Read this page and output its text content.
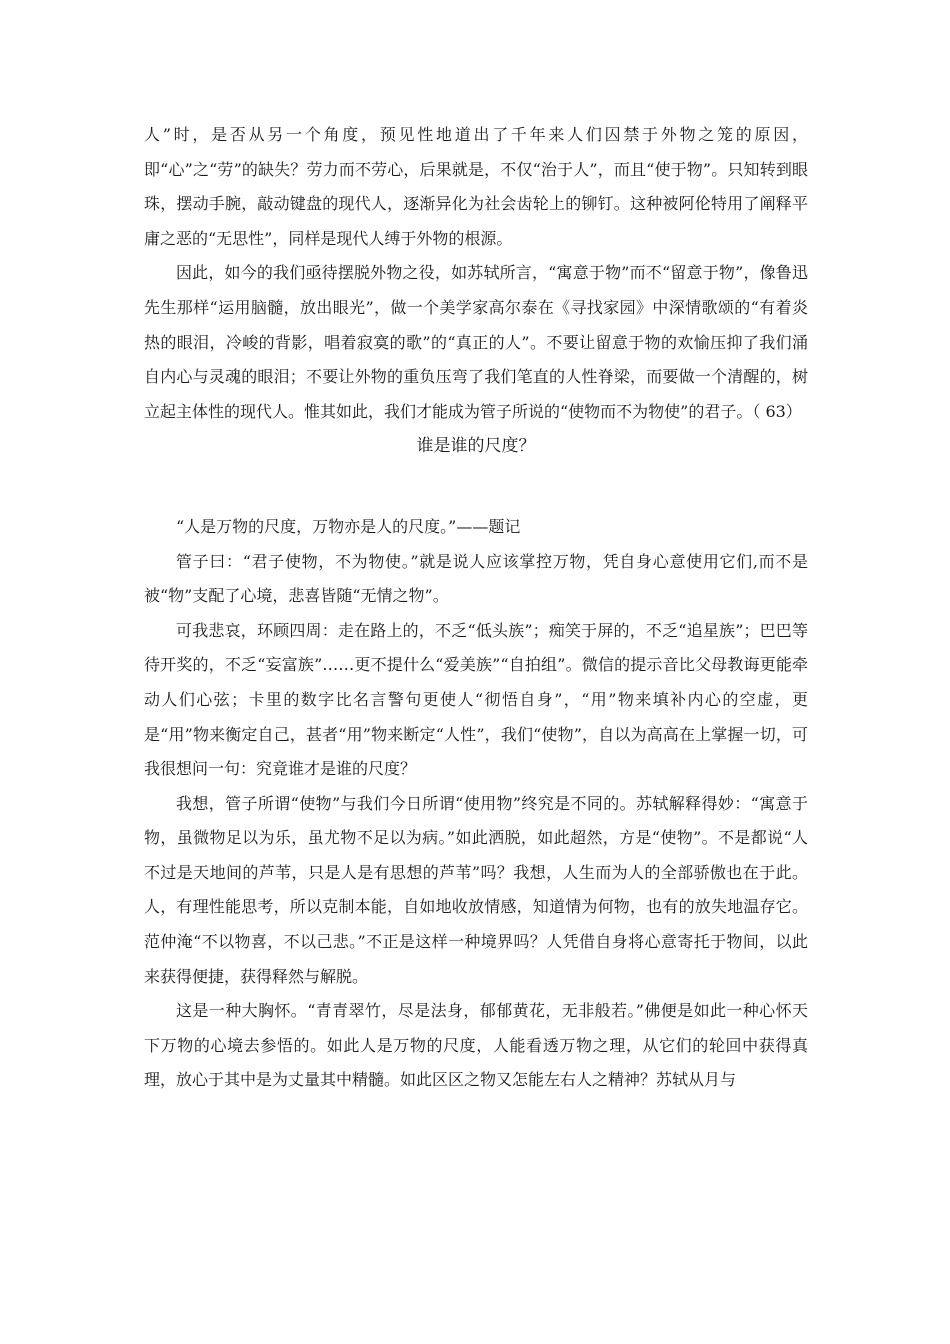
人”时，是否从另一个角度，预见性地道出了千年来人们囚禁于外物之笼的原因，即“心”之“劳”的缺失？劳力而不劳心，后果就是，不仅“治于人”，而且“使于物”。只知转到眼珠，摆动手腕，敲动键盘的现代人，逐渐异化为社会齿轮上的铆钉。这种被阿伦特用了阐释平庸之恶的“无思性”，同样是现代人缚于外物的根源。

因此，如今的我们亟待摆脱外物之役，如苏轼所言，“寓意于物”而不“留意于物”，像鲁迅先生那样“运用脑髓，放出眼光”，做一个美学家高尔泰在《寻找家园》中深情歌颂的“有着炎热的眼泪，冷峻的背影，唱着寂寞的歌”的“真正的人”。不要让留意于物的欢愉压抑了我们涌自内心与灵魂的眼泪；不要让外物的重负压弯了我们笔直的人性脊梁，而要做一个清醒的，树立起主体性的现代人。惟其如此，我们才能成为管子所说的“使物而不为物使”的君子。（ 63）

谁是谁的尺度？

“人是万物的尺度，万物亦是人的尺度。”——题记

管子曰：“君子使物，不为物使。”就是说人应该掌控万物，凭自身心意使用它们,而不是被“物”支配了心境，悲喜皆随“无情之物”。

可我悲哀，环顾四周：走在路上的，不乏“低头族”；痴笑于屏的，不乏“追星族”；巴巴等待开奖的，不乏“妄富族”……更不提什么“爱美族”“自拍组”。微信的提示音比父母教诲更能牵动人们心弦；卡里的数字比名言警句更使人“彻悟自身”，“用”物来填补内心的空虚，更是“用”物来衡定自己，甚者“用”物来断定“人性”，我们“使物”，自以为高高在上掌握一切，可我很想问一句：究竟谁才是谁的尺度？

我想，管子所谓“使物”与我们今日所谓“使用物”终究是不同的。苏轼解释得妙：“寓意于物，虽微物足以为乐，虽尤物不足以为病。”如此洒脱，如此超然，方是“使物”。不是都说“人不过是天地间的芦苇，只是人是有思想的芦苇”吗？我想，人生而为人的全部骄傲也在于此。人，有理性能思考，所以克制本能，自如地收放情感，知道情为何物，也有的放失地温存它。范仲淹“不以物喜，不以己悲。”不正是这样一种境界吗？人凭借自身将心意寄托于物间，以此来获得便捷，获得释然与解脱。

这是一种大胸怀。“青青翠竹，尽是法身，郁郁黄花，无非般若。”佛便是如此一种心怀天下万物的心境去参悟的。如此人是万物的尺度，人能看透万物之理，从它们的轮回中获得真理，放心于其中是为丈量其中精髓。如此区区之物又怎能左右人之精神？苏轼从月与
